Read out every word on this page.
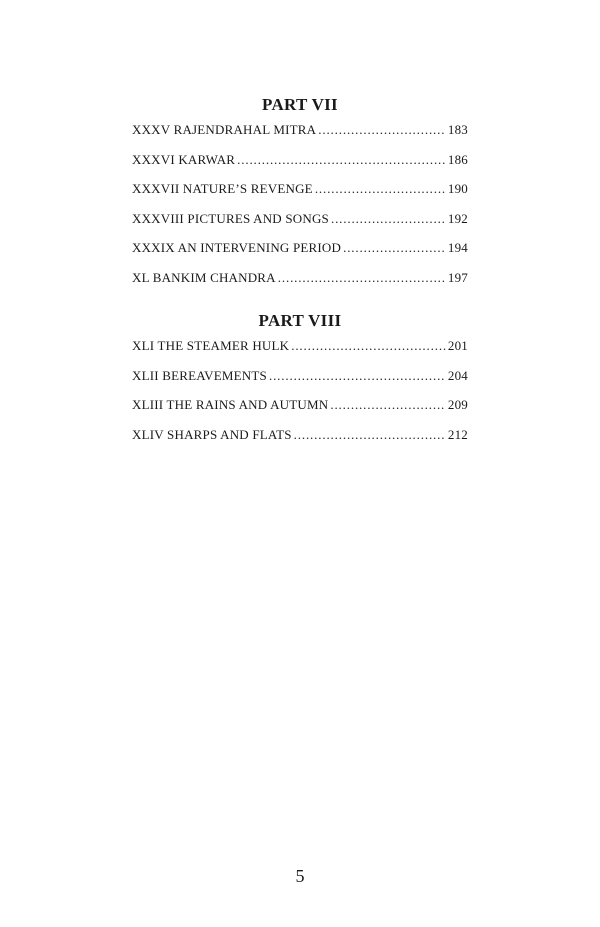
PART VII
XXXV RAJENDRAHAL MITRA . . .	183
XXXVI KARWAR . . .	186
XXXVII NATURE’S REVENGE . . .	190
XXXVIII PICTURES AND SONGS . . .	192
XXXIX AN INTERVENING PERIOD . . .	194
XL BANKIM CHANDRA . . .	197
PART VIII
XLI THE STEAMER HULK . . .	201
XLII BEREAVEMENTS . . .	204
XLIII THE RAINS AND AUTUMN . . .	209
XLIV SHARPS AND FLATS . . .	212
5
